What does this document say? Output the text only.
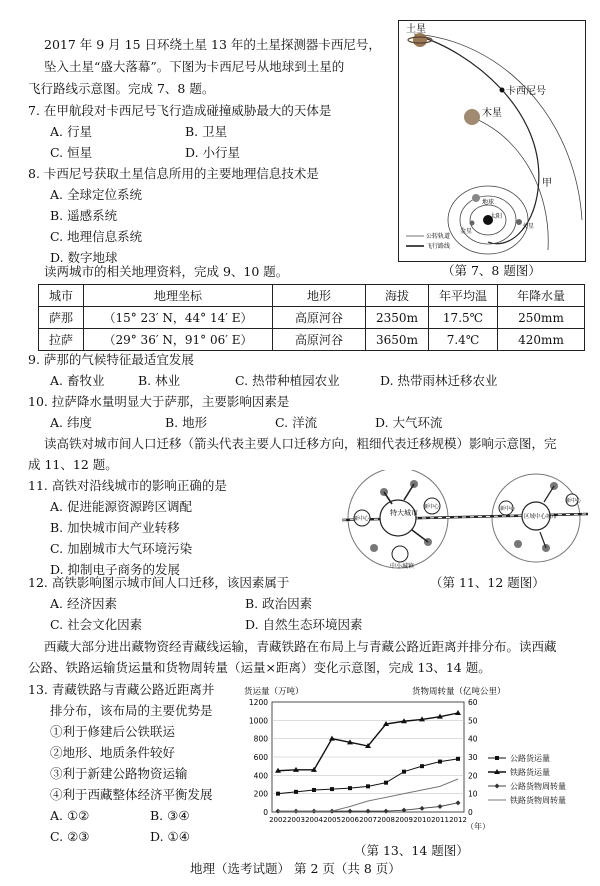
2017 年 9 月 15 日环绕土星 13 年的土星探测器卡西尼号，
坠入土星“盛大落幕”。下图为卡西尼号从地球到土星的
飞行路线示意图。完成 7、8 题。
7. 在甲航段对卡西尼号飞行造成碰撞威胁最大的天体是
A. 行星	B. 卫星
C. 恒星	D. 小行星
8. 卡西尼号获取土星信息所用的主要地理信息技术是
A. 全球定位系统
B. 遥感系统
C. 地理信息系统
D. 数字地球
读两城市的相关地理资料，完成 9、10 题。
土星
卡西尼号
木星
甲
地球
火星
太阳
金星
公转轨道
飞行路线
（第 7、8 题图）
城市	地理坐标	地形	海拔	年平均温	年降水量
萨那	（15° 23′ N，44° 14′ E）	高原河谷	2350m	17.5℃	250mm
拉萨	（29° 36′ N，91° 06′ E）	高原河谷	3650m	7.4℃	420mm
9. 萨那的气候特征最适宜发展
A. 畜牧业	B. 林业	C. 热带种植园农业	D. 热带雨林迁移农业
10. 拉萨降水量明显大于萨那，主要影响因素是
A. 纬度	B. 地形	C. 洋流	D. 大气环流
读高铁对城市间人口迁移（箭头代表主要人口迁移方向，粗细代表迁移规模）影响示意图，完
成 11、12 题。
11. 高铁对沿线城市的影响正确的是
A. 促进能源资源跨区调配
B. 加快城市间产业转移
C. 加剧城市大气环境污染
D. 抑制电子商务的发展
特大城市
新中心
新中心	新中心
新中心
中小城镇
区域中心城市
（第 11、12 题图）
12. 高铁影响图示城市间人口迁移，该因素属于
A. 经济因素	B. 政治因素
C. 社会文化因素	D. 自然生态环境因素
西藏大部分进出藏物资经青藏线运输，青藏铁路在布局上与青藏公路近距离并排分布。读西藏
公路、铁路运输货运量和货物周转量（运量×距离）变化示意图，完成 13、14 题。
13. 青藏铁路与青藏公路近距离并
排分布，该布局的主要优势是
①利于修建后公铁联运
②地形、地质条件较好
③利于新建公路物资运输
④利于西藏整体经济平衡发展
A. ①②	B. ③④
C. ②③	D. ①④
货运量（万吨）	货物周转量（亿吨公里）
（年）
0	0
200	10
400	20
600	30
800	40
1000	50
1200	60
2002 2003 2004 2005 2006 2007 2008 2009 2010 2011 2012
公路货运量
铁路货运量
公路货物周转量
铁路货物周转量
（第 13、14 题图）
地理（选考试题） 第 2 页（共 8 页）
